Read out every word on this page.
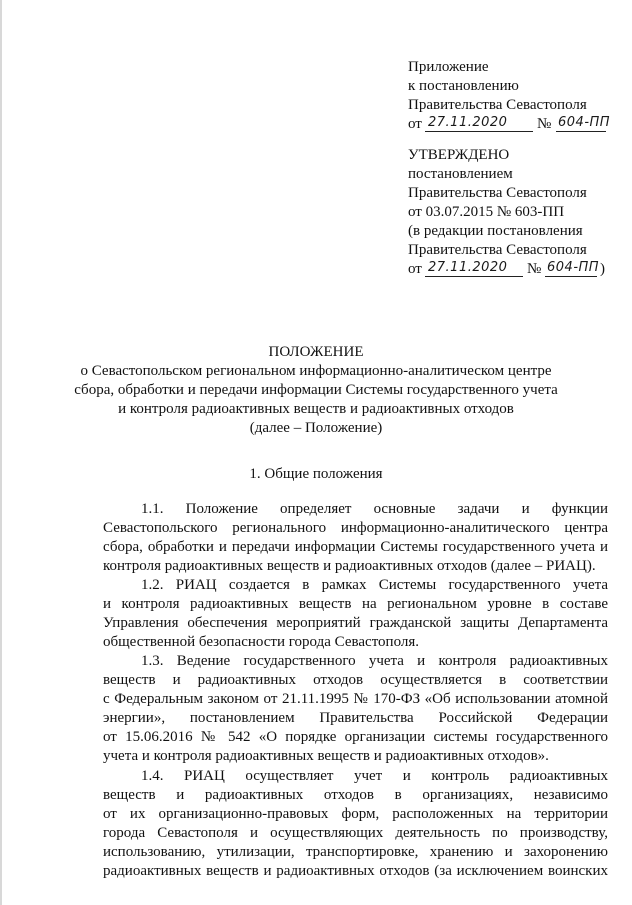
Приложение
к постановлению
Правительства Севастополя
от 27.11.2020 № 604-ПП
УТВЕРЖДЕНО
постановлением
Правительства Севастополя
от 03.07.2015 № 603-ПП
(в редакции постановления
Правительства Севастополя
от 27.11.2020 № 604-ПП )
ПОЛОЖЕНИЕ
о Севастопольском региональном информационно-аналитическом центре
сбора, обработки и передачи информации Системы государственного учета
и контроля радиоактивных веществ и радиоактивных отходов
(далее – Положение)
1. Общие положения
1.1. Положение определяет основные задачи и функции
Севастопольского регионального информационно-аналитического центра
сбора, обработки и передачи информации Системы государственного учета и
контроля радиоактивных веществ и радиоактивных отходов (далее – РИАЦ).
1.2. РИАЦ создается в рамках Системы государственного учета
и контроля радиоактивных веществ на региональном уровне в составе
Управления обеспечения мероприятий гражданской защиты Департамента
общественной безопасности города Севастополя.
1.3. Ведение государственного учета и контроля радиоактивных
веществ и радиоактивных отходов осуществляется в соответствии
с Федеральным законом от 21.11.1995 № 170-ФЗ «Об использовании атомной
энергии», постановлением Правительства Российской Федерации
от 15.06.2016 № 542 «О порядке организации системы государственного
учета и контроля радиоактивных веществ и радиоактивных отходов».
1.4. РИАЦ осуществляет учет и контроль радиоактивных
веществ и радиоактивных отходов в организациях, независимо
от их организационно-правовых форм, расположенных на территории
города Севастополя и осуществляющих деятельность по производству,
использованию, утилизации, транспортировке, хранению и захоронению
радиоактивных веществ и радиоактивных отходов (за исключением воинских
